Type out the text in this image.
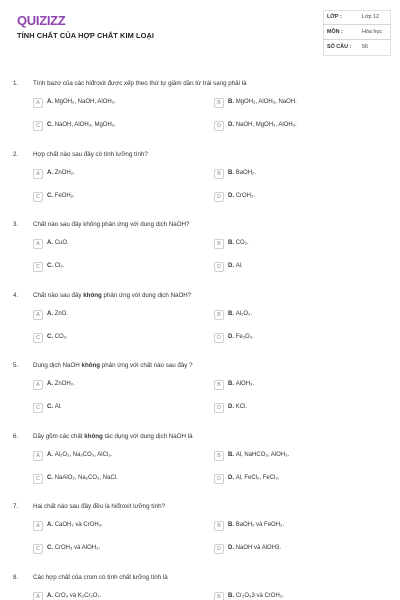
QUIZIZZ
TÍNH CHẤT CỦA HỢP CHẤT KIM LOẠI
LỚP :	Lớp 12
MÔN :	Hóa học
SỐ CÂU : 56
1. Tính bazơ của các hiđroxit được xếp theo thứ tự giảm dần từ trái sang phải là
A	A. MgOH₂, NaOH, AlOH₃.	B	B. MgOH₂, AlOH₃, NaOH.
C	C. NaOH, AlOH₃, MgOH₂.	D	D. NaOH, MgOH₂, AlOH₃.
2. Hợp chất nào sau đây có tính lưỡng tính?
A	A. ZnOH₂.	B	B. BaOH₂.
C	C. FeOH₂.	D	D. CrOH₂.
3. Chất nào sau đây không phản ứng với dung dịch NaOH?
A	A. CuO.	B	B. CO₂.
C	C. Cl₂.	D	D. Al.
4. Chất nào sau đây không phản ứng với dung dịch NaOH?
A	A. ZnO.	B	B. Al₂O₃.
C	C. CO₂.	D	D. Fe₂O₃.
5. Dung dịch NaOH không phản ứng với chất nào sau đây ?
A	A. ZnOH₂.	B	B. AlOH₃.
C	C. Al.	D	D. KCl.
6. Dãy gồm các chất không tác dụng với dung dịch NaOH là
A	A. Al₂O₃, Na₂CO₃, AlCl₃.	B	B. Al, NaHCO₃, AlOH₃.
C	C. NaAlO₂, Na₂CO₃, NaCl.	D	D. Al, FeCl₂, FeCl₃.
7. Hai chất nào sau đây đều là hiđroxit lưỡng tính?
A	A. CaOH₂ và CrOH₃.	B	B. BaOH₂ và FeOH₃.
C	C. CrOH₃ và AlOH₃.	D	D. NaOH và AlOH3.
8. Các hợp chất của crom có tính chất lưỡng tính là
A	A. CrO₃ và K₂Cr₂O₇.	B	B. Cr₂O₃3 và CrOH₃.
